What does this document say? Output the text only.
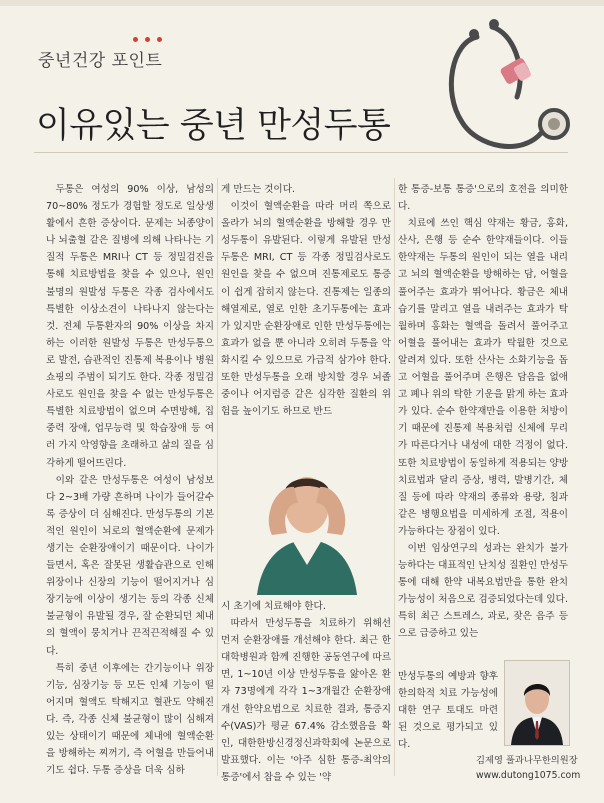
중년건강 포인트
이유있는 중년 만성두통

두통은 여성의 90% 이상, 남성의 70~80% 정도가 경험할 정도로 일상생활에서 흔한 증상이다. 문제는 뇌종양이나 뇌출혈 같은 질병에 의해 나타나는 기질적 두통은 MRI나 CT 등 정밀검진을 통해 치료방법을 찾을 수 있으나, 원인 불명의 원발성 두통은 각종 검사에서도 특별한 이상소견이 나타나지 않는다는 것. 전체 두통환자의 90% 이상을 차지하는 이러한 원발성 두통은 만성두통으로 발전, 습관적인 진통제 복용이나 병원쇼핑의 주범이 되기도 한다. 각종 정밀검사로도 원인을 찾을 수 없는 만성두통은 특별한 치료방법이 없으며 수면방해, 집중력 장애, 업무능력 및 학습장애 등 여러 가지 악영향을 초래하고 삶의 질을 심각하게 떨어뜨린다.

이와 같은 만성두통은 여성이 남성보다 2~3배 가량 흔하며 나이가 들어갈수록 증상이 더 심해진다. 만성두통의 기본적인 원인이 뇌로의 혈액순환에 문제가 생기는 순환장애이기 때문이다. 나이가 들면서, 혹은 잘못된 생활습관으로 인해 위장이나 신장의 기능이 떨어지거나 심장기능에 이상이 생기는 등의 각종 신체 불균형이 유발될 경우, 잘 순환되던 체내의 혈액이 뭉치거나 끈적끈적해질 수 있다.

특히 중년 이후에는 간기능이나 위장기능, 심장기능 등 모든 인체 기능이 떨어지며 혈액도 탁해지고 혈관도 약해진다. 즉, 각종 신체 불균형이 많이 심해져 있는 상태이기 때문에 체내에 혈액순환을 방해하는 찌꺼기, 즉 어혈을 만들어내기도 쉽다. 두통 증상을 더욱 심하

게 만드는 것이다.

이것이 혈액순환을 따라 머리 쪽으로 올라가 뇌의 혈액순환을 방해할 경우 만성두통이 유발된다. 이렇게 유발된 만성두통은 MRI, CT 등 각종 정밀검사로도 원인을 찾을 수 없으며 진통제로도 통증이 쉽게 잡히지 않는다. 진통제는 일종의 해열제로, 열로 인한 초기두통에는 효과가 있지만 순환장애로 인한 만성두통에는 효과가 없을 뿐 아니라 오히려 두통을 악화시킬 수 있으므로 가급적 삼가야 한다. 또한 만성두통을 오래 방치할 경우 뇌졸중이나 어지럼증 같은 심각한 질환의 위험을 높이기도 하므로 반드

시 초기에 치료해야 한다.

따라서 만성두통을 치료하기 위해선 먼저 순환장애를 개선해야 한다. 최근 한 대학병원과 함께 진행한 공동연구에 따르면, 1~10년 이상 만성두통을 앓아온 환자 73명에게 각각 1~3개월간 순환장애 개선 한약요법으로 치료한 결과, 통증지수(VAS)가 평균 67.4% 감소했음을 확인, 대한한방신경정신과학회에 논문으로 발표했다. 이는 '아주 심한 통증-최악의 통증'에서 참을 수 있는 '약

한 통증-보통 통증'으로의 호전을 의미한다.

치료에 쓰인 핵심 약재는 황금, 홍화, 산사, 은행 등 순수 한약재들이다. 이들 한약재는 두통의 원인이 되는 열을 내리고 뇌의 혈액순환을 방해하는 담, 어혈을 풀어주는 효과가 뛰어나다. 황금은 체내 습기를 말리고 열을 내려주는 효과가 탁월하며 홍화는 혈액을 돌려서 풀어주고 어혈을 풀어내는 효과가 탁월한 것으로 알려져 있다. 또한 산사는 소화기능을 돕고 어혈을 풀어주며 은행은 담음을 없애고 폐나 위의 탁한 기운을 맑게 하는 효과가 있다. 순수 한약재만을 이용한 처방이기 때문에 진통제 복용처럼 신체에 무리가 따른다거나 내성에 대한 걱정이 없다. 또한 치료방법이 동일하게 적용되는 양방 치료법과 달리 증상, 병력, 발병기간, 체질 등에 따라 약재의 종류와 용량, 침과 같은 병행요법을 미세하게 조절, 적용이 가능하다는 장점이 있다.

이번 임상연구의 성과는 완치가 불가능하다는 대표적인 난치성 질환인 만성두통에 대해 한약 내복요법만을 통한 완치 가능성이 처음으로 검증되었다는데 있다. 특히 최근 스트레스, 과로, 잦은 음주 등으로 급증하고 있는

만성두통의 예방과 향후 한의학적 치료 가능성에 대한 연구 토대도 마련된 것으로 평가되고 있다.
김제영 풀과나무한의원장
www.dutong1075.com
